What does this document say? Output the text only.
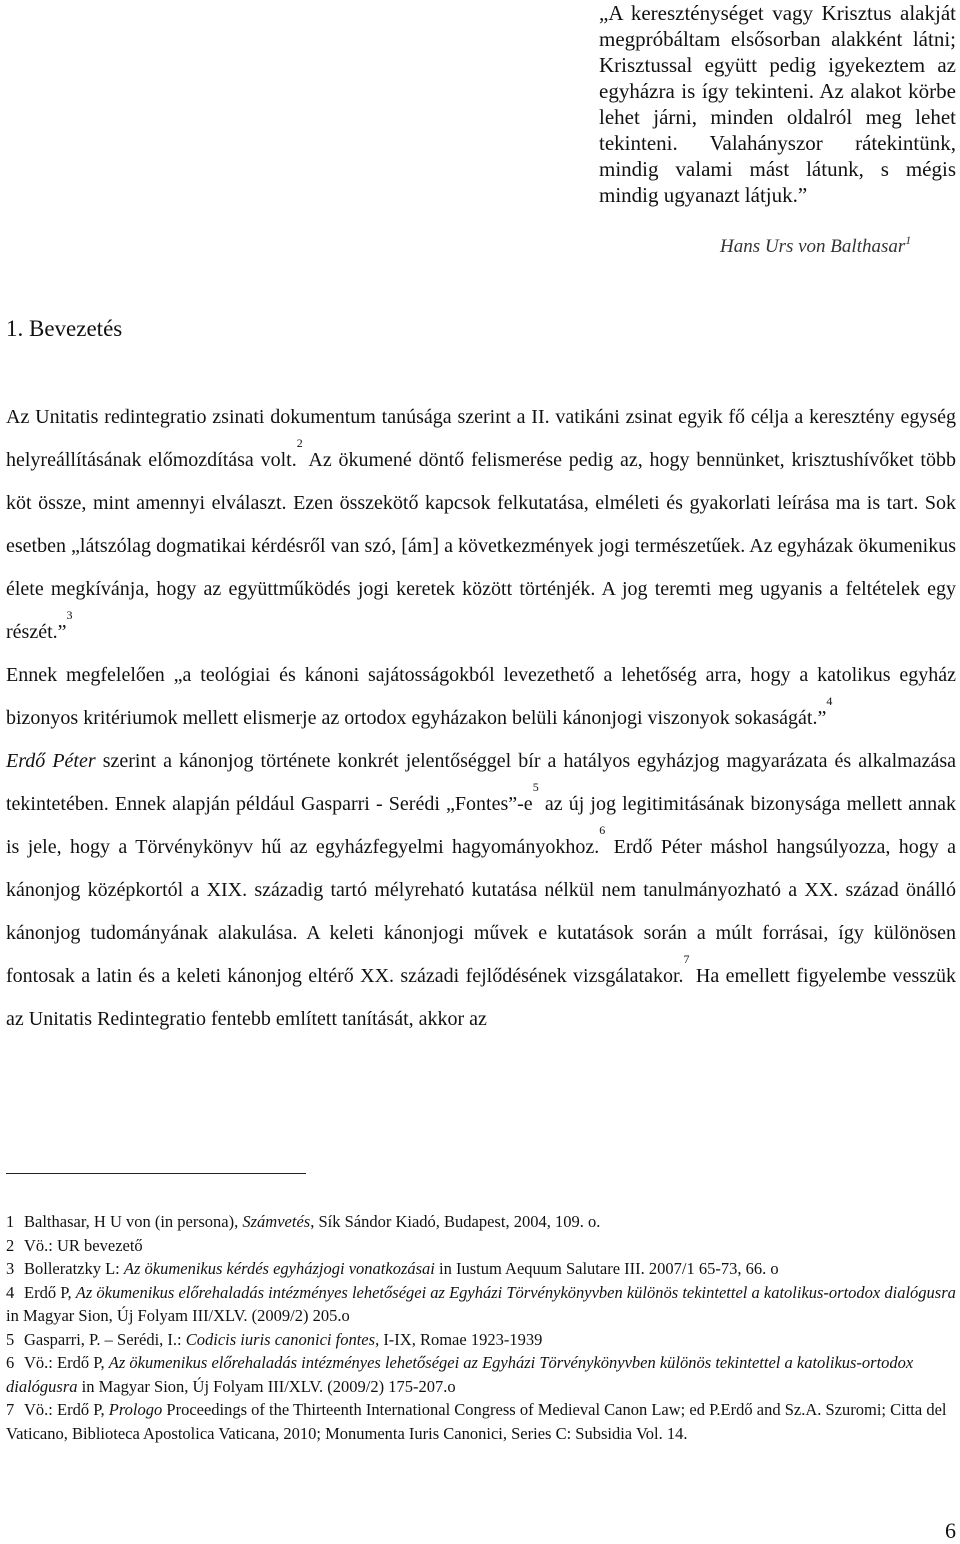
„A kereszténységet vagy Krisztus alakját megpróbáltam elsősorban alakként látni; Krisztussal együtt pedig igyekeztem az egyházra is így tekinteni. Az alakot körbe lehet járni, minden oldalról meg lehet tekinteni. Valahányszor rátekintünk, mindig valami mást látunk, s mégis mindig ugyanazt látjuk.”

Hans Urs von Balthasar$^1$
1. Bevezetés

Az Unitatis redintegratio zsinati dokumentum tanúsága szerint a II. vatikáni zsinat egyik fő célja a keresztény egység helyreállításának előmozdítása volt.$^2$ Az ökumené döntő felismerése pedig az, hogy bennünket, krisztushívőket több köt össze, mint amennyi elválaszt. Ezen összekötő kapcsok felkutatása, elméleti és gyakorlati leírása ma is tart. Sok esetben „látszólag dogmatikai kérdésről van szó, [ám] a következmények jogi természetűek. Az egyházak ökumenikus élete megkívánja, hogy az együttműködés jogi keretek között történjék. A jog teremti meg ugyanis a feltételek egy részét.”$^3$

Ennek megfelelően „a teológiai és kánoni sajátosságokból levezethető a lehetőség arra, hogy a katolikus egyház bizonyos kritériumok mellett elismerje az ortodox egyházakon belüli kánonjogi viszonyok sokaságát.”$^4$

Erdő Péter szerint a kánonjog története konkrét jelentőséggel bír a hatályos egyházjog magyarázata és alkalmazása tekintetében. Ennek alapján például Gasparri - Serédi $„Fontes”-e^5$ az új jog legitimitásának bizonysága mellett annak is jele, hogy a Törvénykönyv hű az egyházfegyelmi hagyományokhoz.$^6$ Erdő Péter máshol hangsúlyozza, hogy a kánonjog középkortól a XIX. századig tartó mélyreható kutatása nélkül nem tanulmányozható a XX. század önálló kánonjog tudományának alakulása. A keleti kánonjogi művek e kutatások során a múlt forrásai, így különösen fontosak a latin és a keleti kánonjog eltérő XX. századi fejlődésének vizsgálatakor.$^7$ Ha emellett figyelembe vesszük az Unitatis Redintegratio fentebb említett tanítását, akkor az

1 Balthasar, H U von (in persona), Számvetés, Sík Sándor Kiadó, Budapest, 2004, 109. o.

2 Vö.: UR bevezető

3 Bolleratzky L: Az ökumenikus kérdés egyházjogi vonatkozásai in Iustum Aequum Salutare III. 2007/1 65-73, 66. o

4 Erdő P, Az ökumenikus előrehaladás intézményes lehetőségei az Egyházi Törvénykönyvben különös tekintettel a katolikus-ortodox dialógusra in Magyar Sion, Új Folyam III/XLV. (2009/2) 205.o

5 Gasparri, P. – Serédi, I.: Codicis iuris canonici fontes, I-IX, Romae 1923-1939

6 Vö.: Erdő P, Az ökumenikus előrehaladás intézményes lehetőségei az Egyházi Törvénykönyvben különös tekintettel a katolikus-ortodox dialógusra in Magyar Sion, Új Folyam III/XLV. (2009/2) 175-207.o

7 Vö.: Erdő P, Prologo Proceedings of the Thirteenth International Congress of Medieval Canon Law; ed P.Erdő and Sz.A. Szuromi; Citta del Vaticano, Biblioteca Apostolica Vaticana, 2010; Monumenta Iuris Canonici, Series C: Subsidia Vol. 14.

6
